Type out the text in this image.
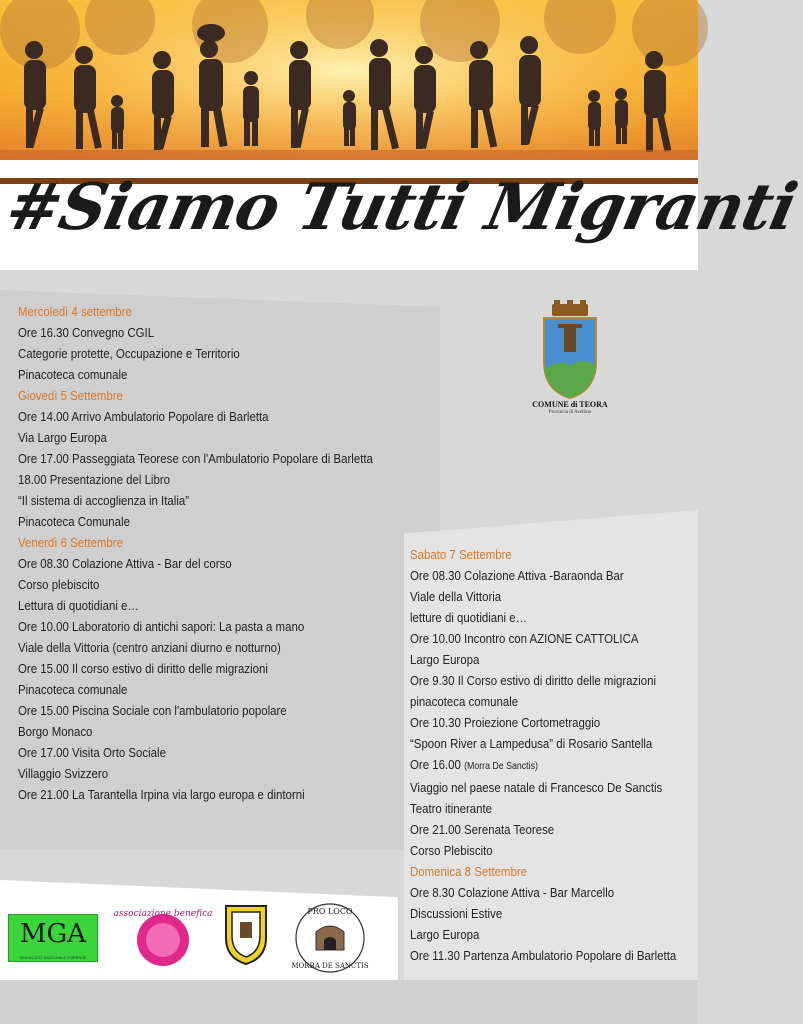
#Siamo Tutti Migranti
Mercoledì 4 settembre
Ore 16.30 Convegno CGIL
Categorie protette, Occupazione e Territorio
Pinacoteca comunale
Giovedì 5 Settembre
Ore 14.00 Arrivo Ambulatorio Popolare di Barletta
Via Largo Europa
Ore 17.00 Passeggiata Teorese con l'Ambulatorio Popolare di Barletta
18.00 Presentazione del Libro
“Il sistema di accoglienza in Italia”
Pinacoteca Comunale
Venerdì 6 Settembre
Ore 08.30 Colazione Attiva - Bar del corso
Corso plebiscito
Lettura di quotidiani e…
Ore 10.00 Laboratorio di antichi sapori: La pasta a mano
Viale della Vittoria (centro anziani diurno e notturno)
Ore 15.00 Il corso estivo di diritto delle migrazioni
Pinacoteca comunale
Ore 15.00 Piscina Sociale con l'ambulatorio popolare
Borgo Monaco
Ore 17.00 Visita Orto Sociale
Villaggio Svizzero
Ore 21.00 La Tarantella Irpina via largo europa e dintorni
Sabato 7 Settembre
Ore 08.30 Colazione Attiva -Baraonda Bar
Viale della Vittoria
letture di quotidiani e…
Ore 10.00 Incontro con AZIONE CATTOLICA
Largo Europa
Ore 9.30 Il Corso estivo di diritto delle migrazioni
pinacoteca comunale
Ore 10.30 Proiezione Cortometraggio
“Spoon River a Lampedusa” di Rosario Santella
Ore 16.00 (Morra De Sanctis)
Viaggio nel paese natale di Francesco De Sanctis
Teatro itinerante
Ore 21.00 Serenata Teorese
Corso Plebiscito
Domenica 8 Settembre
Ore 8.30 Colazione Attiva - Bar Marcello
Discussioni Estive
Largo Europa
Ore 11.30 Partenza Ambulatorio Popolare di Barletta
COMUNE di TEORA
Provincia di Avellino
MGA
SINDACATO NAZIONALE FORENSE
associazione benefica	PRO LOCO
MORRA DE SANCTIS
